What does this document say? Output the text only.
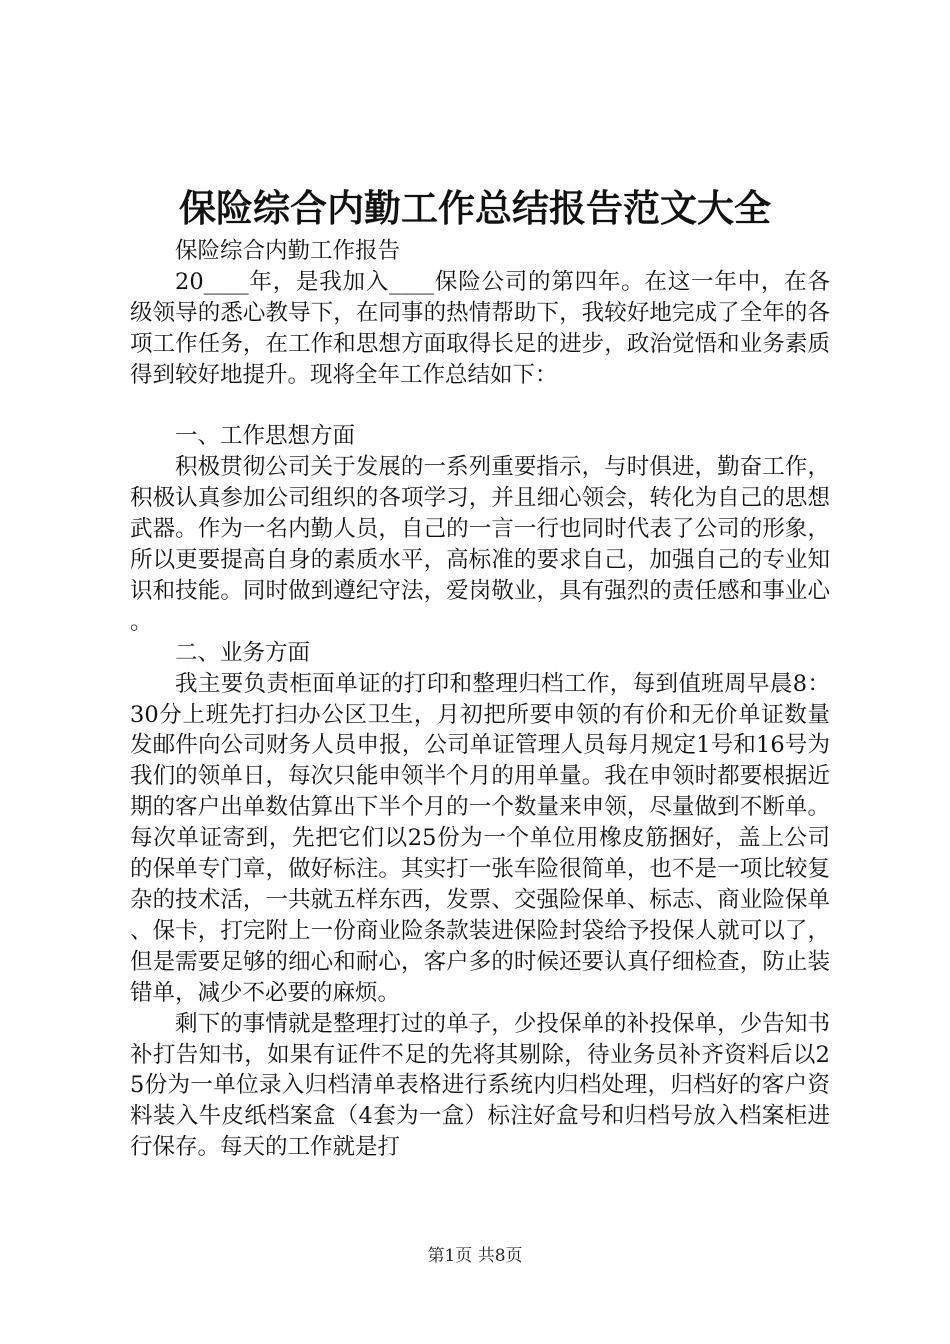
保险综合内勤工作总结报告范文大全

保险综合内勤工作报告

20____年，是我加入____保险公司的第四年。在这一年中，在各级领导的悉心教导下，在同事的热情帮助下，我较好地完成了全年的各项工作任务，在工作和思想方面取得长足的进步，政治觉悟和业务素质得到较好地提升。现将全年工作总结如下：

一、工作思想方面

积极贯彻公司关于发展的一系列重要指示，与时俱进，勤奋工作，积极认真参加公司组织的各项学习，并且细心领会，转化为自己的思想武器。作为一名内勤人员，自己的一言一行也同时代表了公司的形象，所以更要提高自身的素质水平，高标准的要求自己，加强自己的专业知识和技能。同时做到遵纪守法，爱岗敬业，具有强烈的责任感和事业心。

二、业务方面

我主要负责柜面单证的打印和整理归档工作，每到值班周早晨8：30分上班先打扫办公区卫生，月初把所要申领的有价和无价单证数量发邮件向公司财务人员申报，公司单证管理人员每月规定1号和16号为我们的领单日，每次只能申领半个月的用单量。我在申领时都要根据近期的客户出单数估算出下半个月的一个数量来申领，尽量做到不断单。每次单证寄到，先把它们以25份为一个单位用橡皮筋捆好，盖上公司的保单专门章，做好标注。其实打一张车险很简单，也不是一项比较复杂的技术活，一共就五样东西，发票、交强险保单、标志、商业险保单、保卡，打完附上一份商业险条款装进保险封袋给予投保人就可以了，但是需要足够的细心和耐心，客户多的时候还要认真仔细检查，防止装错单，减少不必要的麻烦。

剩下的事情就是整理打过的单子，少投保单的补投保单，少告知书补打告知书，如果有证件不足的先将其剔除，待业务员补齐资料后以25份为一单位录入归档清单表格进行系统内归档处理，归档好的客户资料装入牛皮纸档案盒（4套为一盒）标注好盒号和归档号放入档案柜进行保存。每天的工作就是打

第1页 共8页
